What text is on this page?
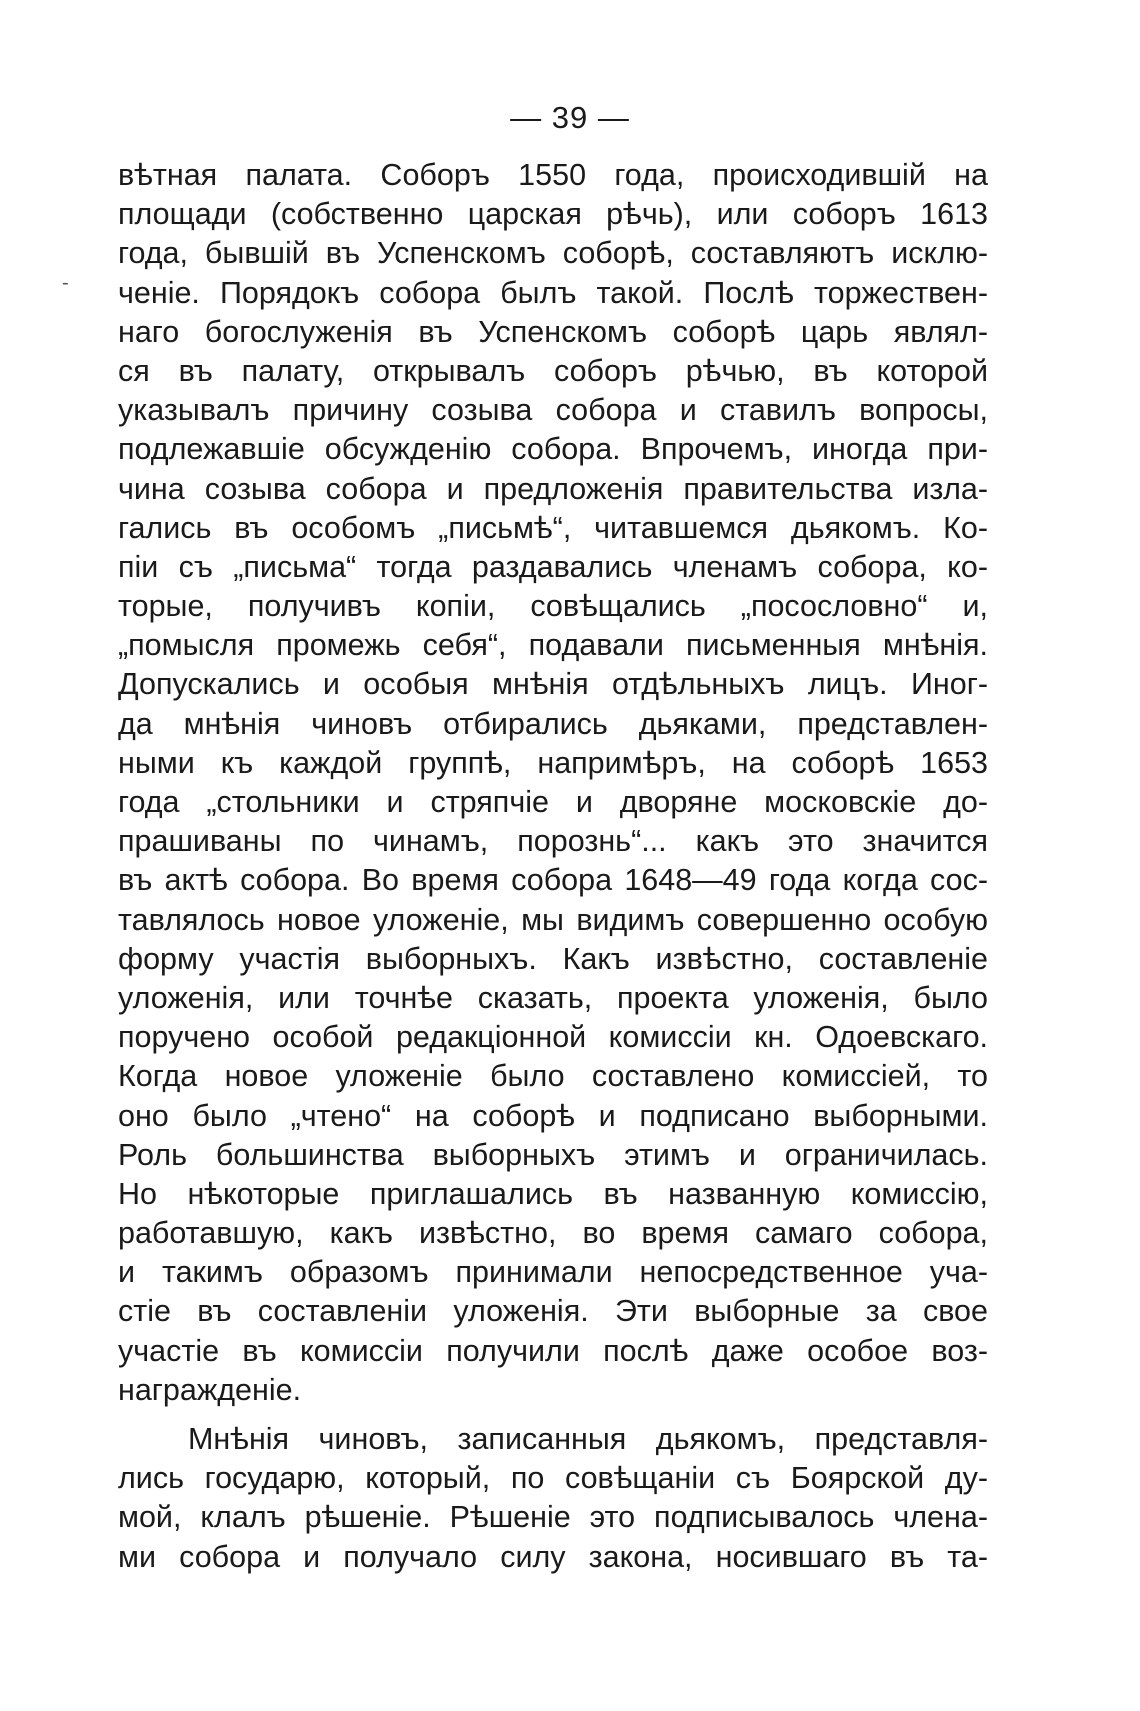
— 39 —
-
вѣтная палата. Соборъ 1550 года, происходившій на
площади (собственно царская рѣчь), или соборъ 1613
года, бывшій въ Успенскомъ соборѣ, составляютъ исклю-
ченіе. Порядокъ собора былъ такой. Послѣ торжествен-
наго богослуженія въ Успенскомъ соборѣ царь являл-
ся въ палату, открывалъ соборъ рѣчью, въ которой
указывалъ причину созыва собора и ставилъ вопросы,
подлежавшіе обсужденію собора. Впрочемъ, иногда при-
чина созыва собора и предложенія правительства изла-
гались въ особомъ „письмѣ“, читавшемся дьякомъ. Ко-
піи съ „письма“ тогда раздавались членамъ собора, ко-
торые, получивъ копіи, совѣщались „посословно“ и,
„помысля промежь себя“, подавали письменныя мнѣнія.
Допускались и особыя мнѣнія отдѣльныхъ лицъ. Иног-
да мнѣнія чиновъ отбирались дьяками, представлен-
ными къ каждой группѣ, напримѣръ, на соборѣ 1653
года „стольники и стряпчіе и дворяне московскіе до-
прашиваны по чинамъ, порознь“... какъ это значится
въ актѣ собора. Во время собора 1648—49 года когда сос-
тавлялось новое уложеніе, мы видимъ совершенно особую
форму участія выборныхъ. Какъ извѣстно, составленіе
уложенія, или точнѣе сказать, проекта уложенія, было
поручено особой редакціонной комиссіи кн. Одоевскаго.
Когда новое уложеніе было составлено комиссіей, то
оно было „чтено“ на соборѣ и подписано выборными.
Роль большинства выборныхъ этимъ и ограничилась.
Но нѣкоторые приглашались въ названную комиссію,
работавшую, какъ извѣстно, во время самаго собора,
и такимъ образомъ принимали непосредственное уча-
стіе въ составленіи уложенія. Эти выборные за свое
участіе въ комиссіи получили послѣ даже особое воз-
награжденіе.
Мнѣнія чиновъ, записанныя дьякомъ, представля-
лись государю, который, по совѣщаніи съ Боярской ду-
мой, клалъ рѣшеніе. Рѣшеніе это подписывалось члена-
ми собора и получало силу закона, носившаго въ та-
